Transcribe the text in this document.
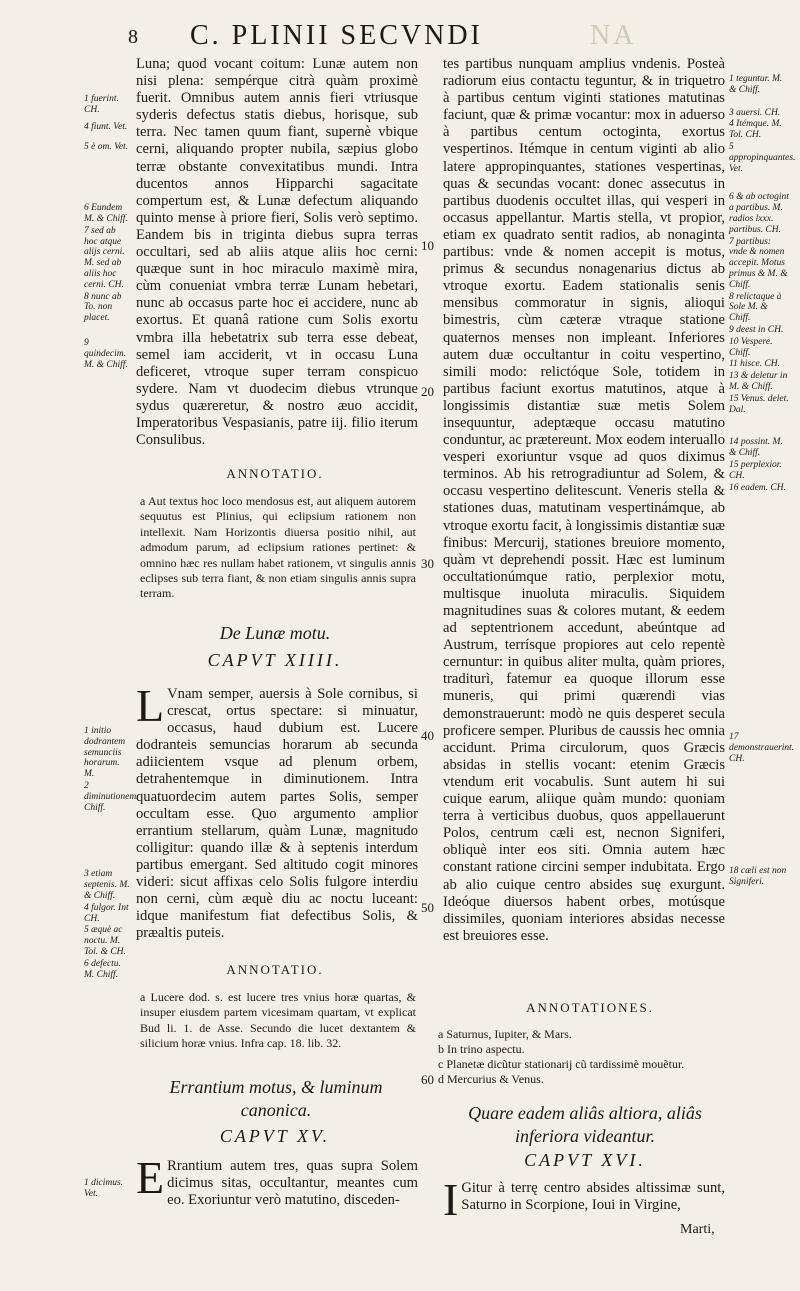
8 C. PLINII SECVNDI	NA

Luna; quod vocant coitum: Lunæ autem non nisi plena: sempérque citrà quàm proximè fuerit. Omnibus autem annis fieri vtriusque syderis defectus statis diebus, horisque, sub terra. Nec tamen quum fiant, supernè vbique cerni, aliquando propter nubila, sæpius globo terræ obstante convexitatibus mundi. Intra ducentos annos Hipparchi sagacitate compertum est, & Lunæ defectum aliquando quinto mense à priore fieri, Solis verò septimo. Eandem bis in triginta diebus supra terras occultari, sed ab aliis atque aliis hoc cerni: quæque sunt in hoc miraculo maximè mira, cùm conueniat vmbra terræ Lunam hebetari, nunc ab occasus parte hoc ei accidere, nunc ab exortus. Et quanâ ratione cum Solis exortu vmbra illa hebetatrix sub terra esse debeat, semel iam acciderit, vt in occasu Luna deficeret, vtroque super terram conspicuo sydere. Nam vt duodecim diebus vtrunque sydus quæreretur, & nostro æuo accidit, Imperatoribus Vespasianis, patre iij. filio iterum Consulibus.

ANNOTATIO.

a Aut textus hoc loco mendosus est, aut aliquem autorem sequutus est Plinius, qui eclipsium rationem non intellexit. Nam Horizontis diuersa positio nihil, aut admodum parum, ad eclipsium rationes pertinet: & omnino hæc res nullam habet rationem, vt singulis annis eclipses sub terra fiant, & non etiam singulis annis supra terram.

De Lunæ motu.
CAPVT XIIII.
L Vnam semper, auersis à Sole cornibus, si crescat, ortus spectare: si minuatur, occasus, haud dubium est. Lucere dodranteis semuncias horarum ab secunda adiicientem vsque ad plenum orbem, detrahentemque in diminutionem. Intra quatuordecim autem partes Solis, semper occultam esse. Quo argumento amplior errantium stellarum, quàm Lunæ, magnitudo colligitur: quando illæ & à septenis interdum partibus emergant. Sed altitudo cogit minores videri: sicut affixas celo Solis fulgore interdiu non cerni, cùm æquè diu ac noctu luceant: idque manifestum fiat defectibus Solis, & præaltis puteis.

ANNOTATIO.

a Lucere dod. s. est lucere tres vnius horæ quartas, & insuper eiusdem partem vicesimam quartam, vt explicat Bud li. 1. de Asse. Secundo die lucet dextantem & silicium horæ vnius. Infra cap. 18. lib. 32.

Errantium motus, & luminum canonica.
CAPVT XV.
E Rrantium autem tres, quas supra Solem dicimus sitas, occultantur, meantes cum eo. Exoriuntur verò matutino, disceden-

tes partibus nunquam amplius vndenis. Posteà radiorum eius contactu teguntur, & in triquetro à partibus centum viginti stationes matutinas faciunt, quæ & primæ vocantur: mox in aduerso à partibus centum octoginta, exortus vespertinos. Itémque in centum viginti ab alio latere appropinquantes, stationes vespertinas, quas & secundas vocant: donec assecutus in partibus duodenis occultet illas, qui vesperi in occasus appellantur. Martis stella, vt propior, etiam ex quadrato sentit radios, ab nonaginta partibus: vnde & nomen accepit is motus, primus & secundus nonagenarius dictus ab vtroque exortu. Eadem stationalis senis mensibus commoratur in signis, alioqui bimestris, cùm cæteræ vtraque statione quaternos menses non impleant. Inferiores autem duæ occultantur in coitu vespertino, simili modo: relictóque Sole, totidem in partibus faciunt exortus matutinos, atque à longissimis distantiæ suæ metis Solem insequuntur, adeptæque occasu matutino conduntur, ac prætereunt. Mox eodem interuallo vesperi exoriuntur vsque ad quos diximus terminos. Ab his retrogradiuntur ad Solem, & occasu vespertino delitescunt. Veneris stella & stationes duas, matutinam vespertinámque, ab vtroque exortu facit, à longissimis distantiæ suæ finibus: Mercurij, stationes breuiore momento, quàm vt deprehendi possit. Hæc est luminum occultationúmque ratio, perplexior motu, multisque inuoluta miraculis. Siquidem magnitudines suas & colores mutant, & eedem ad septentrionem accedunt, abeúntque ad Austrum, terrísque propiores aut celo repentè cernuntur: in quibus aliter multa, quàm priores, traditurì, fatemur ea quoque illorum esse muneris, qui primi quærendi vias demonstrauerunt: modò ne quis desperet secula proficere semper. Pluribus de caussis hec omnia accidunt. Prima circulorum, quos Græcis absidas in stellis vocant: etenim Græcis vtendum erit vocabulis. Sunt autem hi sui cuique earum, aliique quàm mundo: quoniam terra à verticibus duobus, quos appellauerunt Polos, centrum cæli est, necnon Signiferi, obliquè inter eos siti. Omnia autem hæc constant ratione circini semper indubitata. Ergo ab alio cuique centro absides suę exurgunt. Ideóque diuersos habent orbes, motúsque dissimiles, quoniam interiores absidas necesse est breuiores esse.

ANNOTATIONES.
a Saturnus, Iupiter, & Mars.
b In trino aspectu.
c Planetæ dicũtur stationarij cũ tardissimè mouẽtur.
d Mercurius & Venus.
Quare eadem aliâs altiora, aliâs inferiora videantur.
CAPVT XVI.
I Gitur à terrę centro absides altissimæ sunt, Saturno in Scorpione, Ioui in Virgine,

Marti,
10
20
30
40
50
60
1 fuerint. CH.
4 fiunt. Vet.
5 è om. Vet.
6 Eundem M. & Chiff.
7 sed ab hoc atque alijs cerni. M. sed ab aliis hoc cerni. CH.
8 nunc ab To. non placet.
9 quindecim. M. & Chiff.
1 initio dodrantem semunciis horarum. M.
2 diminutionem. Chiff.
3 etiam septenis. M. & Chiff.
4 fulgor. Int CH.
5 æquè ac noctu. M. Tol. & CH.
6 defectu. M. Chiff.
1 dicimus. Vet.
1 teguntur. M. & Chiff.
3 auersi. CH.
4 Itémque. M. Tol. CH.
5 appropinquantes. Vet.
6 & ab octogint a partibus. M. radios lxxx. partibus. CH.
7 partibus: vnde & nomen accepit. Motus primus & M. & Chiff.
8 relictaque à Sole M. & Chiff.
9 deest in CH.
10 Vespere. Chiff.
11 hisce. CH.
13 & deletur in M. & Chiff.
15 Venus. delet. Dal.
14 possint. M. & Chiff.
15 perplexior. CH.
16 eadem. CH.
17 demonstrauerint. CH.
18 cæli est non Signiferi.
